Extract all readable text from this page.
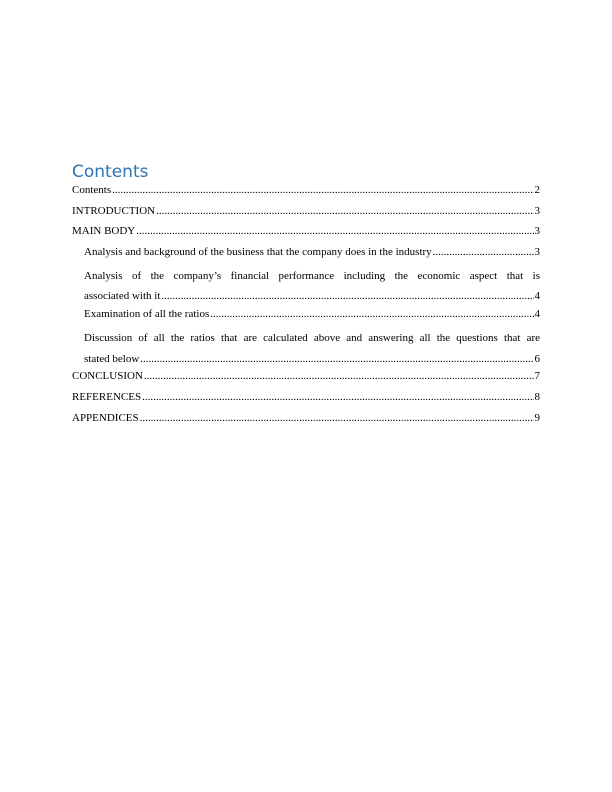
Contents
Contents .....	2
INTRODUCTION .....	3
MAIN BODY .....	3
Analysis and background of the business that the company does in the industry .....	3
Analysis of the company’s financial performance including the economic aspect that is
associated with it .....	4
Examination of all the ratios .....	4
Discussion of all the ratios that are calculated above and answering all the questions that are
stated below .....	6
CONCLUSION .....	7
REFERENCES .....	8
APPENDICES .....	9
